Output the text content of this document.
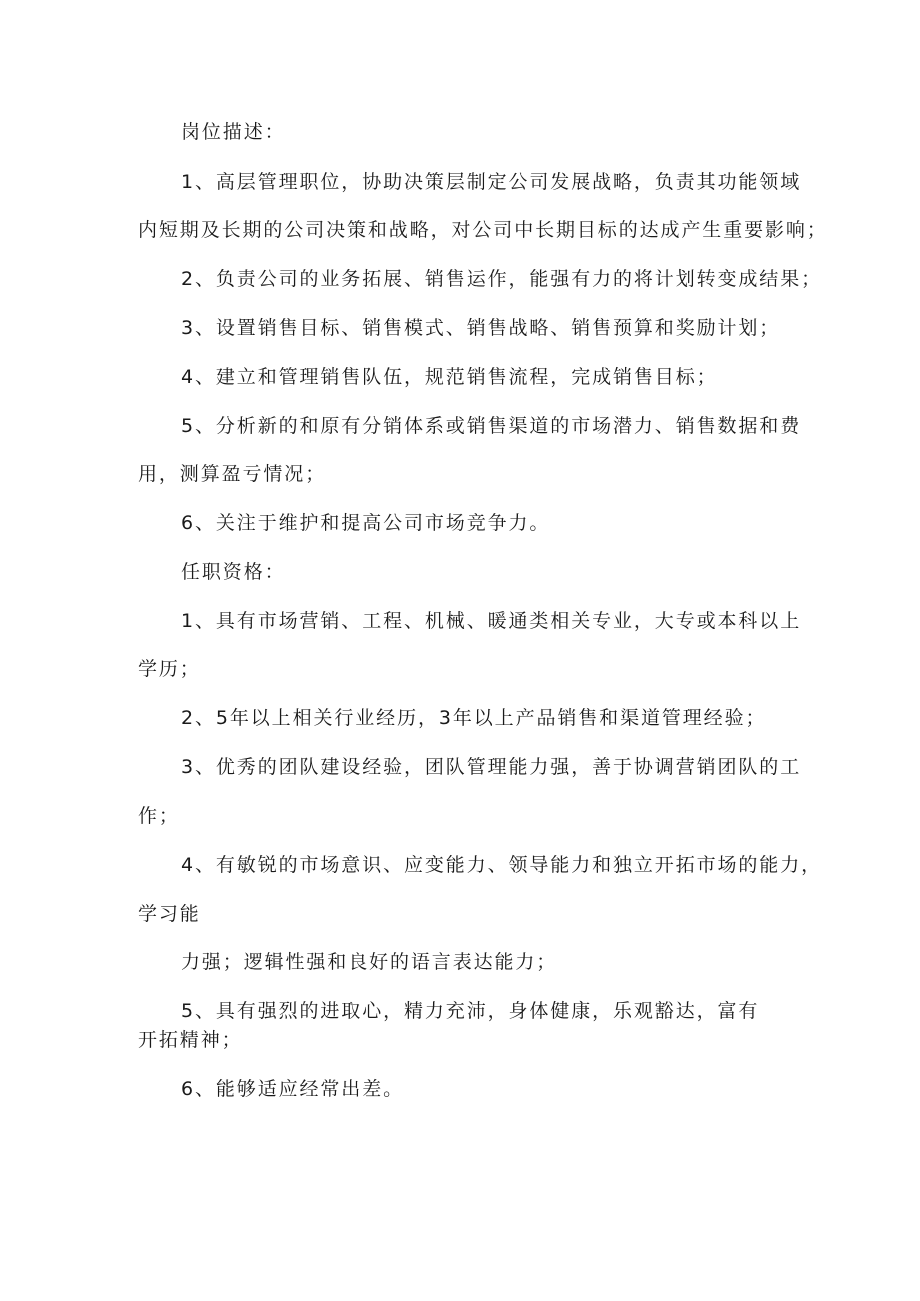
岗位描述：
1、高层管理职位，协助决策层制定公司发展战略，负责其功能领域
内短期及长期的公司决策和战略，对公司中长期目标的达成产生重要影响；
2、负责公司的业务拓展、销售运作，能强有力的将计划转变成结果；
3、设置销售目标、销售模式、销售战略、销售预算和奖励计划；
4、建立和管理销售队伍，规范销售流程，完成销售目标；
5、分析新的和原有分销体系或销售渠道的市场潜力、销售数据和费
用，测算盈亏情况；
6、关注于维护和提高公司市场竞争力。
任职资格：
1、具有市场营销、工程、机械、暖通类相关专业，大专或本科以上
学历；
2、5年以上相关行业经历，3年以上产品销售和渠道管理经验；
3、优秀的团队建设经验，团队管理能力强，善于协调营销团队的工
作；
4、有敏锐的市场意识、应变能力、领导能力和独立开拓市场的能力，
学习能
力强；逻辑性强和良好的语言表达能力；
5、具有强烈的进取心，精力充沛，身体健康，乐观豁达，富有
开拓精神；
6、能够适应经常出差。
